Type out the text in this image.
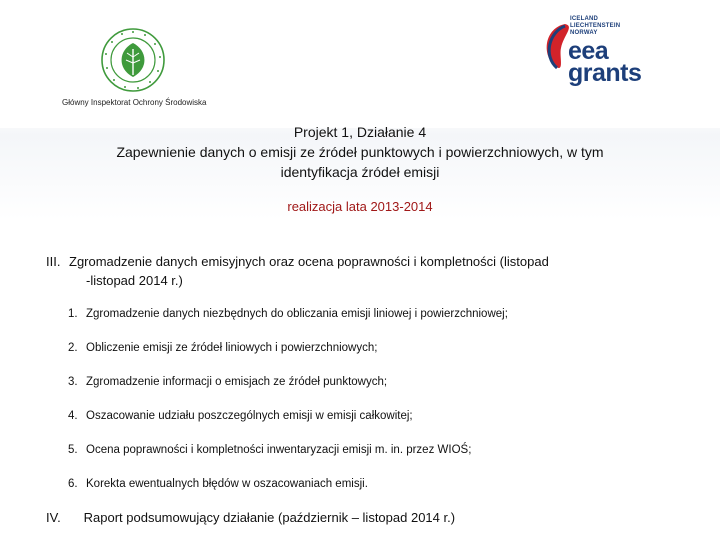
Główny Inspektorat Ochrony Środowiska
ICELAND
LIECHTENSTEIN
NORWAY
eea
grants
Projekt 1, Działanie 4
Zapewnienie danych o emisji ze źródeł punktowych i powierzchniowych, w tym
identyfikacja źródeł emisji
realizacja lata 2013-2014
III. Zgromadzenie danych emisyjnych oraz ocena poprawności i kompletności (listopad
-listopad 2014 r.)
1. Zgromadzenie danych niezbędnych do obliczania emisji liniowej i powierzchniowej;
2. Obliczenie emisji ze źródeł liniowych i powierzchniowych;
3. Zgromadzenie informacji o emisjach ze źródeł punktowych;
4. Oszacowanie udziału poszczególnych emisji w emisji całkowitej;
5. Ocena poprawności i kompletności inwentaryzacji emisji m. in. przez WIOŚ;
6. Korekta ewentualnych błędów w oszacowaniach emisji.
IV. Raport podsumowujący działanie (październik – listopad 2014 r.)
